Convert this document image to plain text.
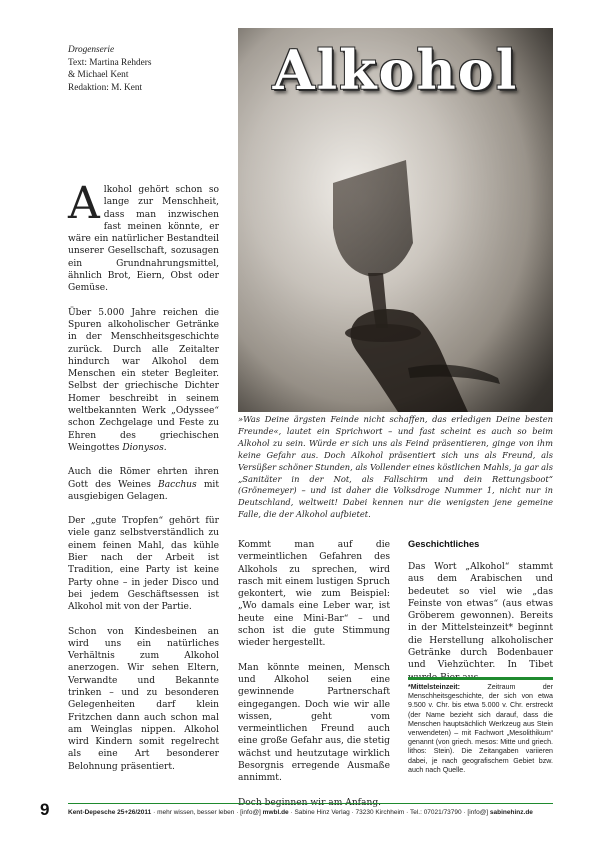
Drogenserie
Text: Martina Rehders
& Michael Kent
Redaktion: M. Kent	Alkohol
»Was Deine ärgsten Feinde nicht schaffen, das erledigen Deine besten Freunde«, lautet ein Sprichwort – und fast scheint es auch so beim Alkohol zu sein. Würde er sich uns als Feind präsentieren, ginge von ihm keine Gefahr aus. Doch Alkohol präsentiert sich uns als Freund, als Versüßer schöner Stunden, als Vollender eines köstlichen Mahls, ja gar als „Sanitäter in der Not, als Fallschirm und dein Rettungsboot“ (Grönemeyer) – und ist daher die Volksdroge Nummer 1, nicht nur in Deutschland, weltweit! Dabei kennen nur die wenigsten jene gemeine Falle, die der Alkohol aufbietet.

Alkohol gehört schon so lange zur Menschheit, dass man inzwischen fast meinen könnte, er wäre ein natürlicher Bestandteil unserer Gesellschaft, sozusagen ein Grundnahrungsmittel, ähnlich Brot, Eiern, Obst oder Gemüse.

Über 5.000 Jahre reichen die Spuren alkoholischer Getränke in der Menschheitsgeschichte zurück. Durch alle Zeitalter hindurch war Alkohol dem Menschen ein steter Begleiter. Selbst der griechische Dichter Homer beschreibt in seinem weltbekannten Werk „Odyssee“ schon Zechgelage und Feste zu Ehren des griechischen Weingottes Dionysos.

Auch die Römer ehrten ihren Gott des Weines Bacchus mit ausgiebigen Gelagen.

Der „gute Tropfen“ gehört für viele ganz selbstverständlich zu einem feinen Mahl, das kühle Bier nach der Arbeit ist Tradition, eine Party ist keine Party ohne – in jeder Disco und bei jedem Geschäftsessen ist Alkohol mit von der Partie.

Schon von Kindesbeinen an wird uns ein natürliches Verhältnis zum Alkohol anerzogen. Wir sehen Eltern, Verwandte und Bekannte trinken – und zu besonderen Gelegenheiten darf klein Fritzchen dann auch schon mal am Weinglas nippen. Alkohol wird Kindern somit regelrecht als eine Art besonderer Belohnung präsentiert.

Kommt man auf die vermeintlichen Gefahren des Alkohols zu sprechen, wird rasch mit einem lustigen Spruch gekontert, wie zum Beispiel: „Wo damals eine Leber war, ist heute eine Mini-Bar“ – und schon ist die gute Stimmung wieder hergestellt.

Man könnte meinen, Mensch und Alkohol seien eine gewinnende Partnerschaft eingegangen. Doch wie wir alle wissen, geht vom vermeintlichen Freund auch eine große Gefahr aus, die stetig wächst und heutzutage wirklich Besorgnis erregende Ausmaße annimmt.

Geschichtliches

Das Wort „Alkohol“ stammt aus dem Arabischen und bedeutet so viel wie „das Feinste von etwas“ (aus etwas Gröberem gewonnen). Bereits in der Mittelsteinzeit* beginnt die Herstellung alkoholischer Getränke durch Bodenbauer und Viehzüchter. In Tibet

*Mittelsteinzeit: Zeitraum der Menschheitsgeschichte, der sich von etwa 9.500 v. Chr. bis etwa 5.000 v. Chr. erstreckt (der Name bezieht sich darauf, dass die Menschen hauptsächlich Werkzeug aus Stein verwendeten) – mit Fachwort „Mesolithikum“ genannt (von griech. mesos: Mitte und griech. lithos: Stein). Die Zeitangaben variieren dabei, je nach geografischem Gebiet bzw. auch nach Quelle.
9	Kent-Depesche 25+26/2011 · mehr wissen, besser leben · [info@] mwbl.de · Sabine Hinz Verlag · 73230 Kirchheim · Tel.: 07021/73790 · [info@] sabinehinz.de
